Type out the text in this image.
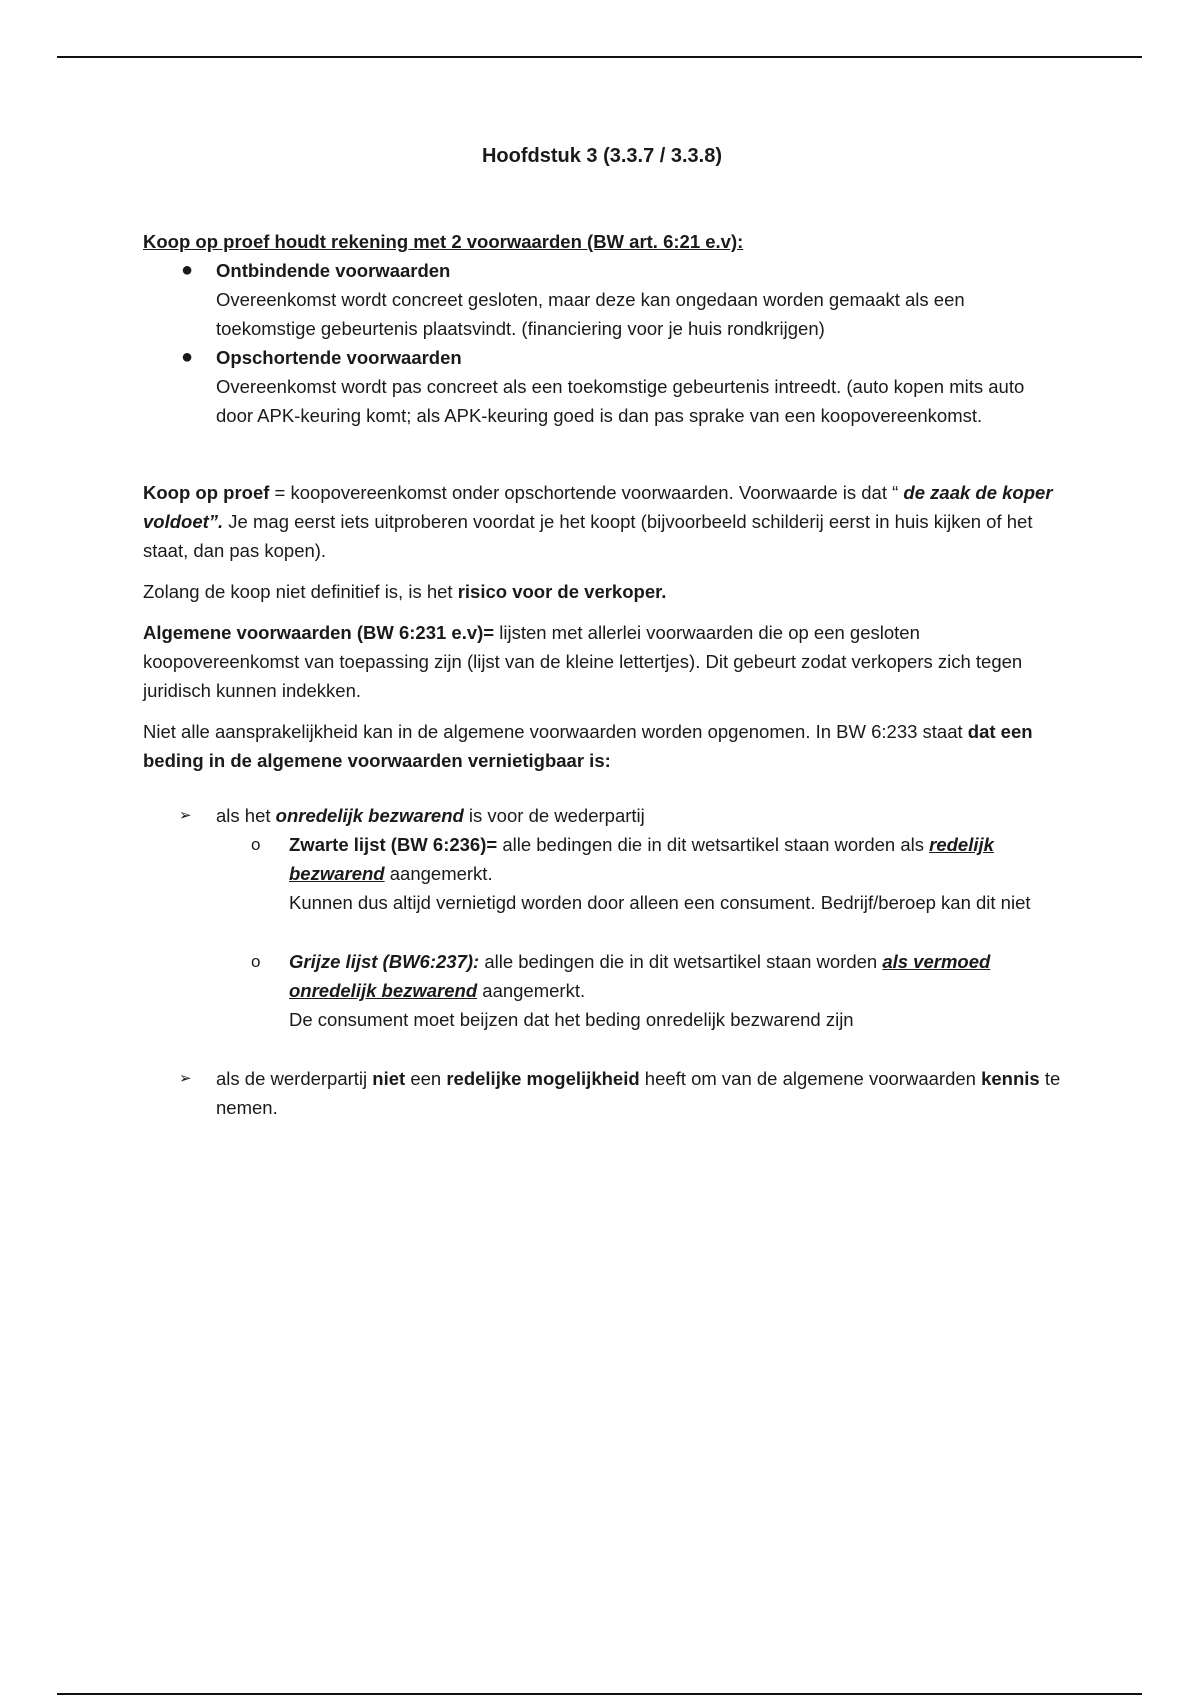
Hoofdstuk 3 (3.3.7 / 3.3.8)

Koop op proef houdt rekening met 2 voorwaarden (BW art. 6:21 e.v):

● Ontbindende voorwaarden
Overeenkomst wordt concreet gesloten, maar deze kan ongedaan worden gemaakt als een toekomstige gebeurtenis plaatsvindt. (financiering voor je huis rondkrijgen)
● Opschortende voorwaarden
Overeenkomst wordt pas concreet als een toekomstige gebeurtenis intreedt. (auto kopen mits auto door APK-keuring komt; als APK-keuring goed is dan pas sprake van een koopovereenkomst.

Koop op proef = koopovereenkomst onder opschortende voorwaarden. Voorwaarde is dat “ de zaak de koper voldoet”. Je mag eerst iets uitproberen voordat je het koopt (bijvoorbeeld schilderij eerst in huis kijken of het staat, dan pas kopen).

Zolang de koop niet definitief is, is het risico voor de verkoper.

Algemene voorwaarden (BW 6:231 e.v)= lijsten met allerlei voorwaarden die op een gesloten koopovereenkomst van toepassing zijn (lijst van de kleine lettertjes). Dit gebeurt zodat verkopers zich tegen juridisch kunnen indekken.

Niet alle aansprakelijkheid kan in de algemene voorwaarden worden opgenomen. In BW 6:233 staat dat een beding in de algemene voorwaarden vernietigbaar is:

➢ als het onredelijk bezwarend is voor de wederpartij
o Zwarte lijst (BW 6:236)= alle bedingen die in dit wetsartikel staan worden als redelijk bezwarend aangemerkt.
Kunnen dus altijd vernietigd worden door alleen een consument. Bedrijf/beroep kan dit niet
o Grijze lijst (BW6:237): alle bedingen die in dit wetsartikel staan worden als vermoed onredelijk bezwarend aangemerkt.
De consument moet beijzen dat het beding onredelijk bezwarend zijn
➢ als de werderpartij niet een redelijke mogelijkheid heeft om van de algemene voorwaarden kennis te nemen.
